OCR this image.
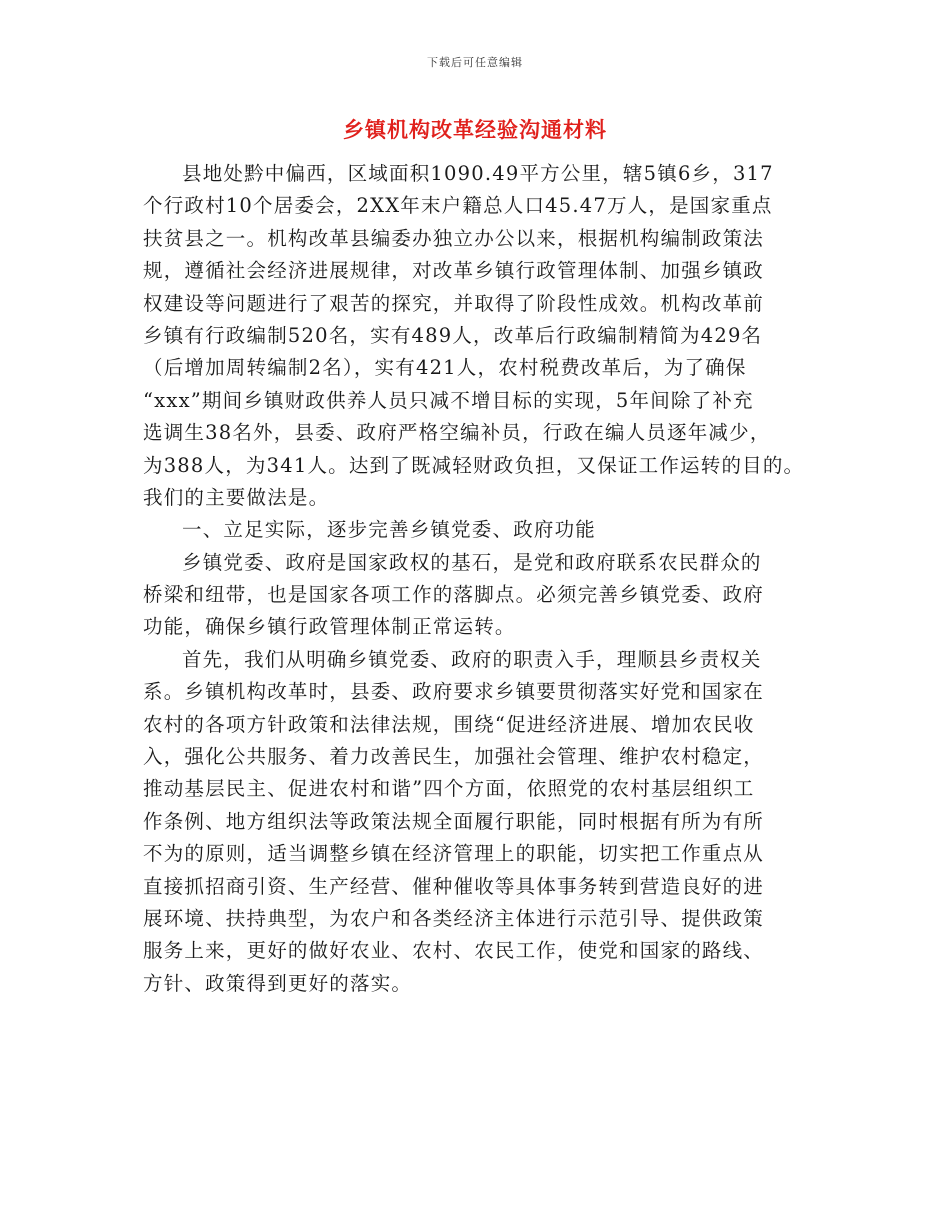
下载后可任意编辑
乡镇机构改革经验沟通材料
县地处黔中偏西，区域面积1090.49平方公里，辖5镇6乡，317
个行政村10个居委会，2XX年末户籍总人口45.47万人，是国家重点
扶贫县之一。机构改革县编委办独立办公以来，根据机构编制政策法
规，遵循社会经济进展规律，对改革乡镇行政管理体制、加强乡镇政
权建设等问题进行了艰苦的探究，并取得了阶段性成效。机构改革前
乡镇有行政编制520名，实有489人，改革后行政编制精简为429名
（后增加周转编制2名），实有421人，农村税费改革后，为了确保
“xxx”期间乡镇财政供养人员只减不增目标的实现，5年间除了补充
选调生38名外，县委、政府严格空编补员，行政在编人员逐年减少，
为388人，为341人。达到了既减轻财政负担，又保证工作运转的目的。
我们的主要做法是。
一、立足实际，逐步完善乡镇党委、政府功能
乡镇党委、政府是国家政权的基石，是党和政府联系农民群众的
桥梁和纽带，也是国家各项工作的落脚点。必须完善乡镇党委、政府
功能，确保乡镇行政管理体制正常运转。
首先，我们从明确乡镇党委、政府的职责入手，理顺县乡责权关
系。乡镇机构改革时，县委、政府要求乡镇要贯彻落实好党和国家在
农村的各项方针政策和法律法规，围绕“促进经济进展、增加农民收
入，强化公共服务、着力改善民生，加强社会管理、维护农村稳定，
推动基层民主、促进农村和谐”四个方面，依照党的农村基层组织工
作条例、地方组织法等政策法规全面履行职能，同时根据有所为有所
不为的原则，适当调整乡镇在经济管理上的职能，切实把工作重点从
直接抓招商引资、生产经营、催种催收等具体事务转到营造良好的进
展环境、扶持典型，为农户和各类经济主体进行示范引导、提供政策
服务上来，更好的做好农业、农村、农民工作，使党和国家的路线、
方针、政策得到更好的落实。
